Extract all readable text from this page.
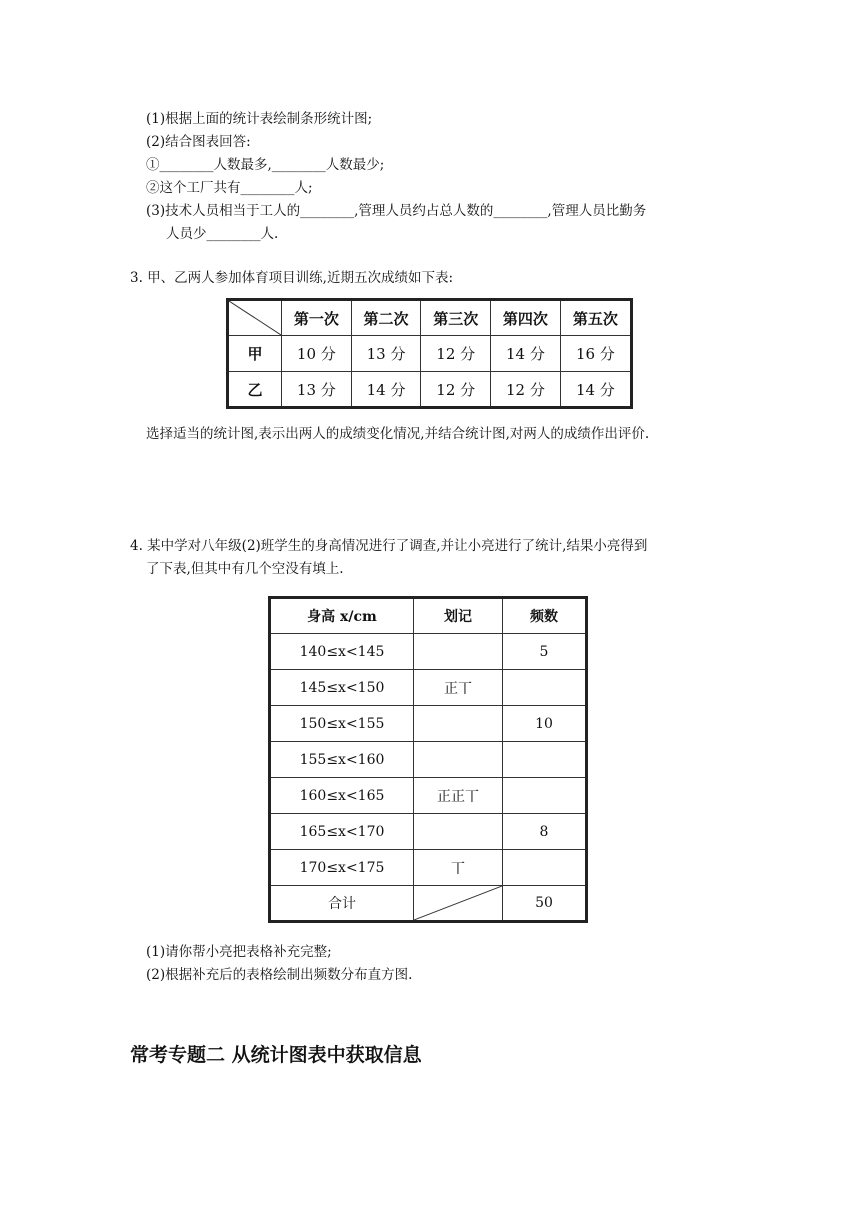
(1)根据上面的统计表绘制条形统计图;
(2)结合图表回答:
①________人数最多,________人数最少;
②这个工厂共有________人;
(3)技术人员相当于工人的________,管理人员约占总人数的________,管理人员比勤务
人员少________人.
3. 甲、乙两人参加体育项目训练,近期五次成绩如下表:
	第一次	第二次	第三次	第四次	第五次
甲	10 分	13 分	12 分	14 分	16 分
乙	13 分	14 分	12 分	12 分	14 分
选择适当的统计图,表示出两人的成绩变化情况,并结合统计图,对两人的成绩作出评价.
4. 某中学对八年级(2)班学生的身高情况进行了调查,并让小亮进行了统计,结果小亮得到
了下表,但其中有几个空没有填上.
身高 x/cm	划记	频数
140≤x<145		5
145≤x<150	正丅	
150≤x<155		10
155≤x<160		
160≤x<165	正正丅	
165≤x<170		8
170≤x<175	丅	
合计		50
(1)请你帮小亮把表格补充完整;
(2)根据补充后的表格绘制出频数分布直方图.
常考专题二 从统计图表中获取信息
